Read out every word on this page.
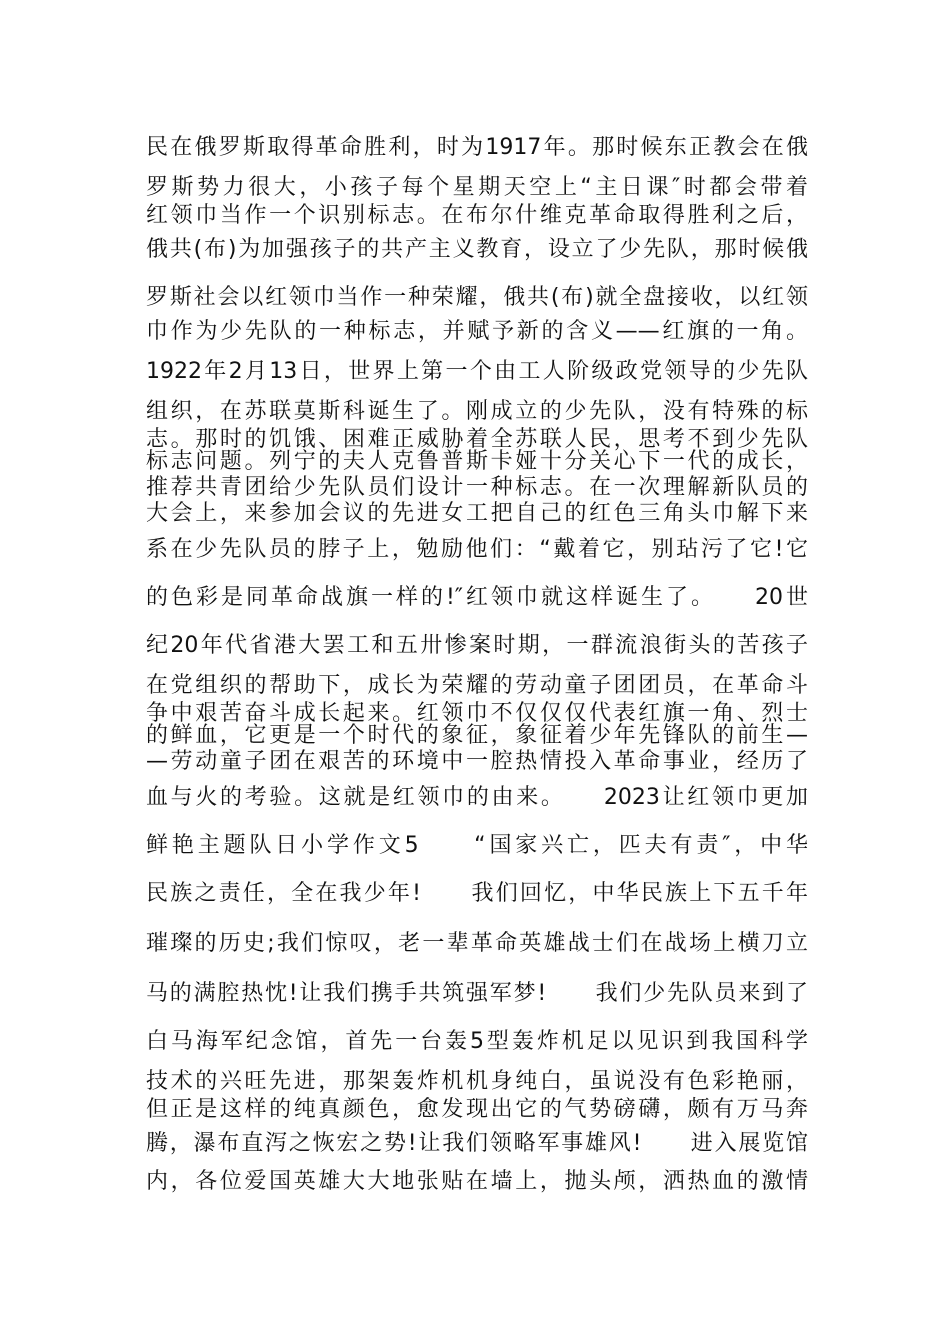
民在俄罗斯取得革命胜利，时为1917年。那时候东正教会在俄
罗斯势力很大，小孩子每个星期天空上“主日课″时都会带着
红领巾当作一个识别标志。在布尔什维克革命取得胜利之后，
俄共(布)为加强孩子的共产主义教育，设立了少先队，那时候俄
罗斯社会以红领巾当作一种荣耀，俄共(布)就全盘接收，以红领
巾作为少先队的一种标志，并赋予新的含义——红旗的一角。
1922年2月13日，世界上第一个由工人阶级政党领导的少先队
组织，在苏联莫斯科诞生了。刚成立的少先队，没有特殊的标
志。那时的饥饿、困难正威胁着全苏联人民，思考不到少先队
标志问题。列宁的夫人克鲁普斯卡娅十分关心下一代的成长，
推荐共青团给少先队员们设计一种标志。在一次理解新队员的
大会上，来参加会议的先进女工把自己的红色三角头巾解下来
系在少先队员的脖子上，勉励他们：“戴着它，别玷污了它!它
的色彩是同革命战旗一样的!″红领巾就这样诞生了。　　20世
纪20年代省港大罢工和五卅惨案时期，一群流浪街头的苦孩子
在党组织的帮助下，成长为荣耀的劳动童子团团员，在革命斗
争中艰苦奋斗成长起来。红领巾不仅仅仅代表红旗一角、烈士
的鲜血，它更是一个时代的象征，象征着少年先锋队的前生—
—劳动童子团在艰苦的环境中一腔热情投入革命事业，经历了
血与火的考验。这就是红领巾的由来。　　2023让红领巾更加
鲜艳主题队日小学作文5　　“国家兴亡，匹夫有责″，中华
民族之责任，全在我少年!　　我们回忆，中华民族上下五千年
璀璨的历史;我们惊叹，老一辈革命英雄战士们在战场上横刀立
马的满腔热忱!让我们携手共筑强军梦!　　我们少先队员来到了
白马海军纪念馆，首先一台轰5型轰炸机足以见识到我国科学
技术的兴旺先进，那架轰炸机机身纯白，虽说没有色彩艳丽，
但正是这样的纯真颜色，愈发现出它的气势磅礴，颇有万马奔
腾，瀑布直泻之恢宏之势!让我们领略军事雄风!　　进入展览馆
内，各位爱国英雄大大地张贴在墙上，抛头颅，洒热血的激情
